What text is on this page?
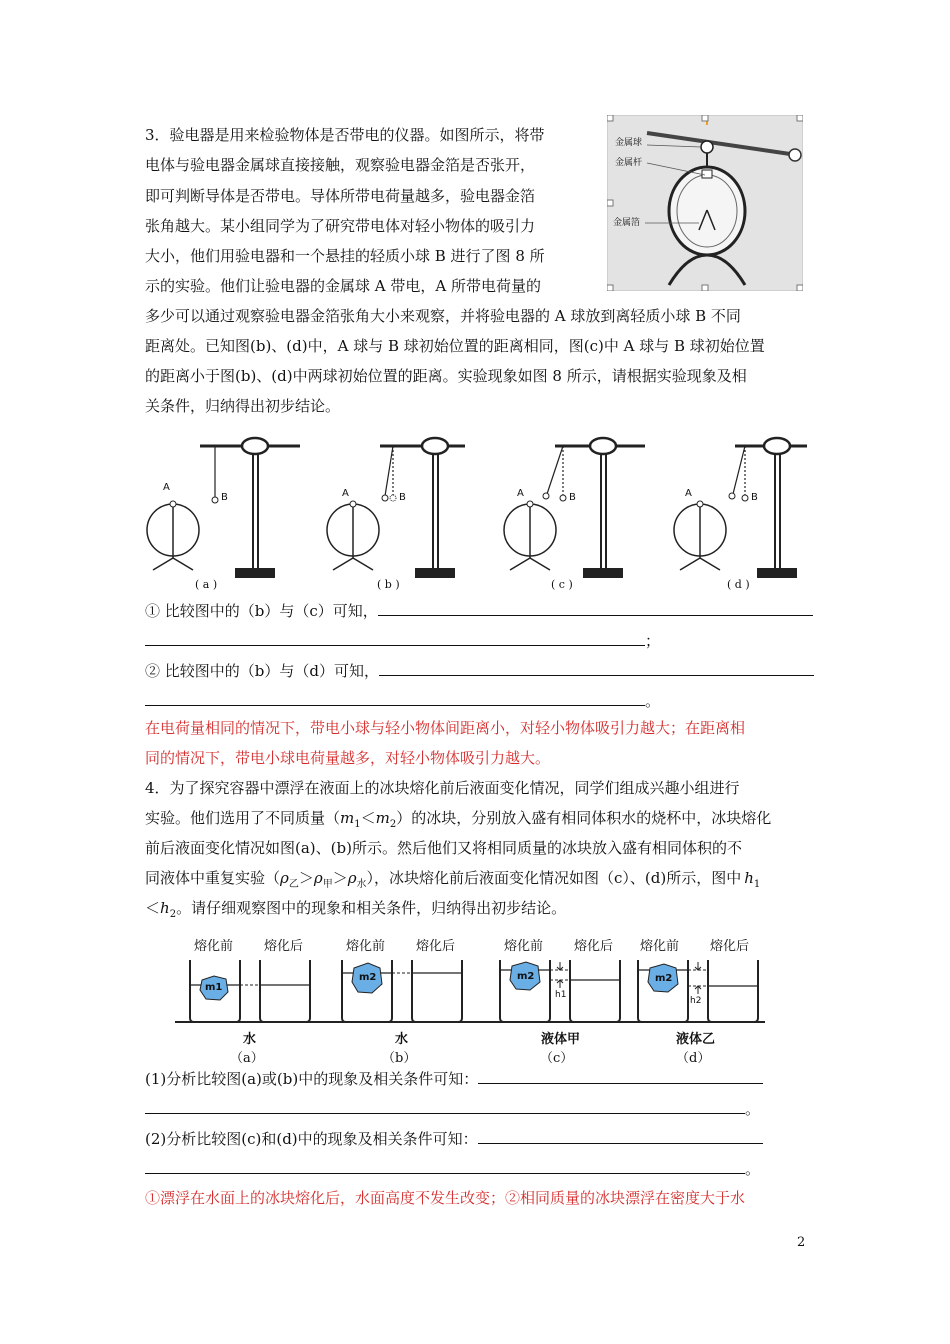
3．验电器是用来检验物体是否带电的仪器。如图所示，将带
电体与验电器金属球直接接触，观察验电器金箔是否张开，
即可判断导体是否带电。导体所带电荷量越多，验电器金箔
张角越大。某小组同学为了研究带电体对轻小物体的吸引力
大小，他们用验电器和一个悬挂的轻质小球 B 进行了图 8 所
示的实验。他们让验电器的金属球 A 带电，A 所带电荷量的
多少可以通过观察验电器金箔张角大小来观察，并将验电器的 A 球放到离轻质小球 B 不同
距离处。已知图(b)、(d)中，A 球与 B 球初始位置的距离相同，图(c)中 A 球与 B 球初始位置
的距离小于图(b)、(d)中两球初始位置的距离。实验现象如图 8 所示，请根据实验现象及相
关条件，归纳得出初步结论。
金属球
金属杆
金属箔
A
B	A	B	A	B	A	B
( a )	( b )	( c )	( d )
① 比较图中的（b）与（c）可知，
；
② 比较图中的（b）与（d）可知，
。
在电荷量相同的情况下，带电小球与轻小物体间距离小，对轻小物体吸引力越大；在距离相
同的情况下，带电小球电荷量越多，对轻小物体吸引力越大。
4．为了探究容器中漂浮在液面上的冰块熔化前后液面变化情况，同学们组成兴趣小组进行
实验。他们选用了不同质量$(m_1<m_2)$的冰块，分别放入盛有相同体积水的烧杯中，冰块熔化
前后液面变化情况如图(a)、(b)所示。然后他们又将相同质量的冰块放入盛有相同体积的不
同液体中重复实验$(\rho_乙>\rho_甲>\rho_水)$，冰块熔化前后液面变化情况如图（c）、(d)所示，图中 $h_1$
$<h_2$。请仔细观察图中的现象和相关条件，归纳得出初步结论。
熔化前 熔化后	熔化前 熔化后	熔化前 熔化后 熔化前 熔化后
m1
m2	m2	m2
h1
h2
水	水	液体甲	液体乙
（a）	（b）	（c）	（d）
(1)分析比较图(a)或(b)中的现象及相关条件可知：
。
(2)分析比较图(c)和(d)中的现象及相关条件可知：
。
①漂浮在水面上的冰块熔化后，水面高度不发生改变；②相同质量的冰块漂浮在密度大于水
2
